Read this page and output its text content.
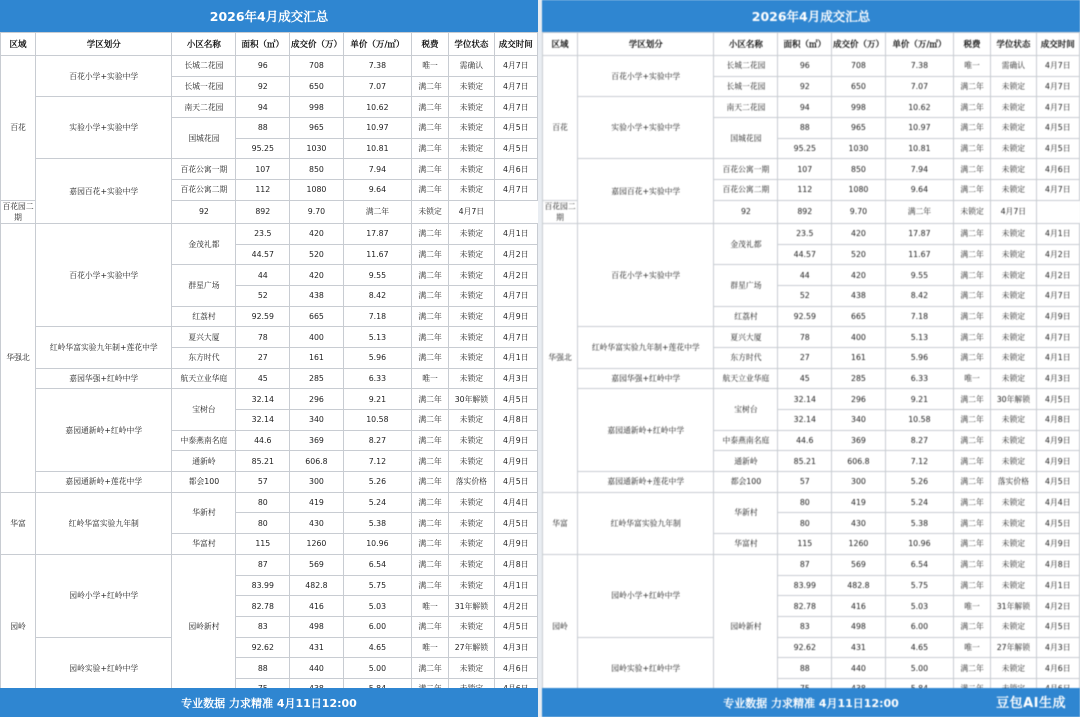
2026年4月成交汇总
区域	学区划分	小区名称	面积（㎡）	成交价（万）	单价（万/㎡）	税费	学位状态	成交时间
百花	百花小学+实验中学	长城二花园	96	708	7.38	唯一	需确认	4月7日
		长城一花园	92	650	7.07	满二年	未锁定	4月7日
	实验小学+实验中学	南天二花园	94	998	10.62	满二年	未锁定	4月7日
		国城花园	88	965	10.97	满二年	未锁定	4月5日
			95.25	1030	10.81	满二年	未锁定	4月5日
	嘉园百花+实验中学	百花公寓一期	107	850	7.94	满二年	未锁定	4月6日
		百花公寓二期	112	1080	9.64	满二年	未锁定	4月7日
百花园二期		92	892	9.70	满二年	未锁定	4月7日	
华强北	百花小学+实验中学	金茂礼都	23.5	420	17.87	满二年	未锁定	4月1日
			44.57	520	11.67	满二年	未锁定	4月2日
		群星广场	44	420	9.55	满二年	未锁定	4月2日
			52	438	8.42	满二年	未锁定	4月7日
		红荔村	92.59	665	7.18	满二年	未锁定	4月9日
	红岭华富实验九年制+莲花中学	夏兴大厦	78	400	5.13	满二年	未锁定	4月7日
		东方时代	27	161	5.96	满二年	未锁定	4月1日
	嘉园华强+红岭中学	航天立业华庭	45	285	6.33	唯一	未锁定	4月3日
	嘉园通新岭+红岭中学	宝树台	32.14	296	9.21	满二年	30年解锁	4月5日
			32.14	340	10.58	满二年	未锁定	4月8日
		中泰燕南名庭	44.6	369	8.27	满二年	未锁定	4月9日
		通新岭	85.21	606.8	7.12	满二年	未锁定	4月9日
	嘉园通新岭+莲花中学	都会100	57	300	5.26	满二年	落实价格	4月5日
华富	红岭华富实验九年制	华新村	80	419	5.24	满二年	未锁定	4月4日
			80	430	5.38	满二年	未锁定	4月5日
		华富村	115	1260	10.96	满二年	未锁定	4月9日
园岭	园岭小学+红岭中学	园岭新村	87	569	6.54	满二年	未锁定	4月8日
			83.99	482.8	5.75	满二年	未锁定	4月1日
			82.78	416	5.03	唯一	31年解锁	4月2日
			83	498	6.00	满二年	未锁定	4月5日
	园岭实验+红岭中学		92.62	431	4.65	唯一	27年解锁	4月3日
			88	440	5.00	满二年	未锁定	4月6日

专业数据 力求精准 4月11日12:00
2026年4月成交汇总
区域	学区划分	小区名称	面积（㎡）	成交价（万）	单价（万/㎡）	税费	学位状态	成交时间
百花	百花小学+实验中学	长城二花园	96	708	7.38	唯一	需确认	4月7日
		长城一花园	92	650	7.07	满二年	未锁定	4月7日
	实验小学+实验中学	南天二花园	94	998	10.62	满二年	未锁定	4月7日
		国城花园	88	965	10.97	满二年	未锁定	4月5日
			95.25	1030	10.81	满二年	未锁定	4月5日
	嘉园百花+实验中学	百花公寓一期	107	850	7.94	满二年	未锁定	4月6日
		百花公寓二期	112	1080	9.64	满二年	未锁定	4月7日
百花园二期		92	892	9.70	满二年	未锁定	4月7日	
华强北	百花小学+实验中学	金茂礼都	23.5	420	17.87	满二年	未锁定	4月1日
			44.57	520	11.67	满二年	未锁定	4月2日
		群星广场	44	420	9.55	满二年	未锁定	4月2日
			52	438	8.42	满二年	未锁定	4月7日
		红荔村	92.59	665	7.18	满二年	未锁定	4月9日
	红岭华富实验九年制+莲花中学	夏兴大厦	78	400	5.13	满二年	未锁定	4月7日
		东方时代	27	161	5.96	满二年	未锁定	4月1日
	嘉园华强+红岭中学	航天立业华庭	45	285	6.33	唯一	未锁定	4月3日
	嘉园通新岭+红岭中学	宝树台	32.14	296	9.21	满二年	30年解锁	4月5日
			32.14	340	10.58	满二年	未锁定	4月8日
		中泰燕南名庭	44.6	369	8.27	满二年	未锁定	4月9日
		通新岭	85.21	606.8	7.12	满二年	未锁定	4月9日
	嘉园通新岭+莲花中学	都会100	57	300	5.26	满二年	落实价格	4月5日
华富	红岭华富实验九年制	华新村	80	419	5.24	满二年	未锁定	4月4日
			80	430	5.38	满二年	未锁定	4月5日
		华富村	115	1260	10.96	满二年	未锁定	4月9日
园岭	园岭小学+红岭中学	园岭新村	87	569	6.54	满二年	未锁定	4月8日
			83.99	482.8	5.75	满二年	未锁定	4月1日
			82.78	416	5.03	唯一	31年解锁	4月2日
			83	498	6.00	满二年	未锁定	4月5日
	园岭实验+红岭中学		92.62	431	4.65	唯一	27年解锁	4月3日
			88	440	5.00	满二年	未锁定	4月6日

专业数据 力求精准 4月11日12:00	豆包AI生成
